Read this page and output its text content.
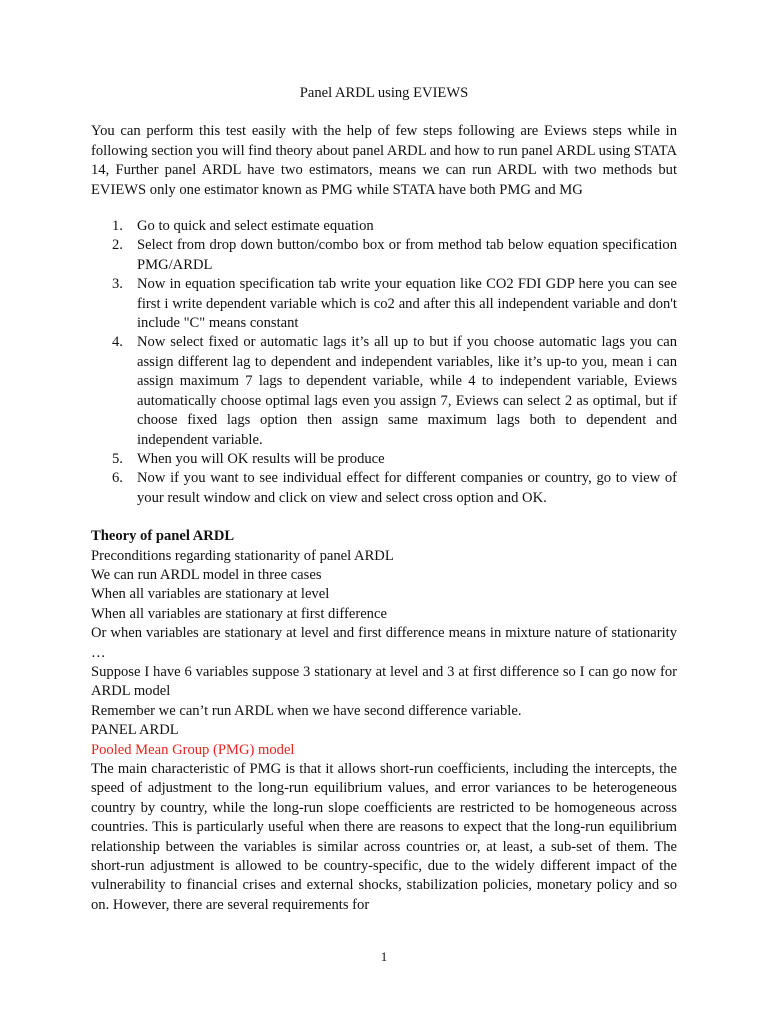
Panel ARDL using EVIEWS

You can perform this test easily with the help of few steps following are Eviews steps while in following section you will find theory about panel ARDL and how to run panel ARDL using STATA 14, Further panel ARDL have two estimators, means we can run ARDL with two methods but EVIEWS only one estimator known as PMG while STATA have both PMG and MG

1. Go to quick and select estimate equation
2. Select from drop down button/combo box or from method tab below equation specification PMG/ARDL
3. Now in equation specification tab write your equation like CO2 FDI GDP here you can see first i write dependent variable which is co2 and after this all independent variable and don't include "C" means constant
4. Now select fixed or automatic lags it’s all up to but if you choose automatic lags you can assign different lag to dependent and independent variables, like it’s up-to you, mean i can assign maximum 7 lags to dependent variable, while 4 to independent variable, Eviews automatically choose optimal lags even you assign 7, Eviews can select 2 as optimal, but if choose fixed lags option then assign same maximum lags both to dependent and independent variable.
5. When you will OK results will be produce
6. Now if you want to see individual effect for different companies or country, go to view of your result window and click on view and select cross option and OK.

Theory of panel ARDL

Preconditions regarding stationarity of panel ARDL

We can run ARDL model in three cases

When all variables are stationary at level

When all variables are stationary at first difference

Or when variables are stationary at level and first difference means in mixture nature of stationarity …

Suppose I have 6 variables suppose 3 stationary at level and 3 at first difference so I can go now for ARDL model

Remember we can’t run ARDL when we have second difference variable.

PANEL ARDL

Pooled Mean Group (PMG) model

The main characteristic of PMG is that it allows short-run coefficients, including the intercepts, the speed of adjustment to the long-run equilibrium values, and error variances to be heterogeneous country by country, while the long-run slope coefficients are restricted to be homogeneous across countries. This is particularly useful when there are reasons to expect that the long-run equilibrium relationship between the variables is similar across countries or, at least, a sub-set of them. The short-run adjustment is allowed to be country-specific, due to the widely different impact of the vulnerability to financial crises and external shocks, stabilization policies, monetary policy and so on. However, there are several requirements for

1
